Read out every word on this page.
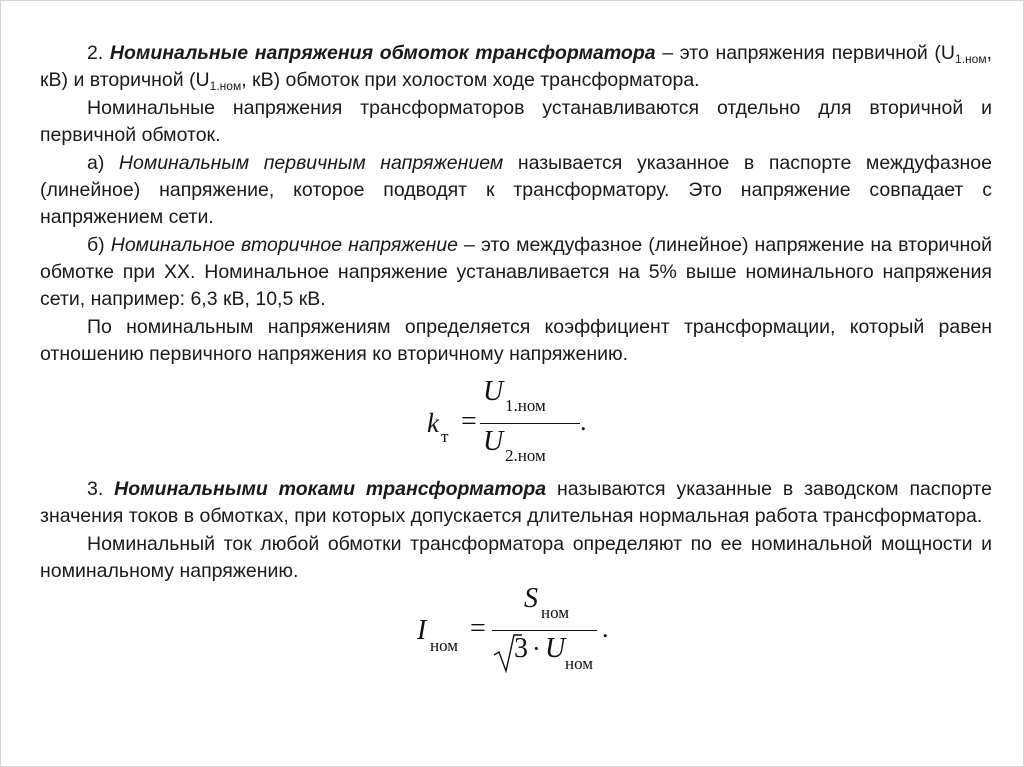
2. Номинальные напряжения обмоток трансформатора – это напряжения первичной ($U_{1.ном}$, кВ) и вторичной ($U_{1.ном}$, кВ) обмоток при холостом ходе трансформатора.

Номинальные напряжения трансформаторов устанавливаются отдельно для вторичной и первичной обмоток.

а) Номинальным первичным напряжением называется указанное в паспорте междуфазное (линейное) напряжение, которое подводят к трансформатору. Это напряжение совпадает с напряжением сети.

б) Номинальное вторичное напряжение – это междуфазное (линейное) напряжение на вторичной обмотке при ХХ. Номинальное напряжение устанавливается на 5% выше номинального напряжения сети, например: 6,3 кВ, 10,5 кВ.

По номинальным напряжениям определяется коэффициент трансформации, который равен отношению первичного напряжения ко вторичному напряжению.

k т =
U 1.ном
U 2.ном
.

3. Номинальными токами трансформатора называются указанные в заводском паспорте значения токов в обмотках, при которых допускается длительная нормальная работа трансформатора.

Номинальный ток любой обмотки трансформатора определяют по ее номинальной мощности и номинальному напряжению.

I ном
=
S ном
3 · U ном
.
